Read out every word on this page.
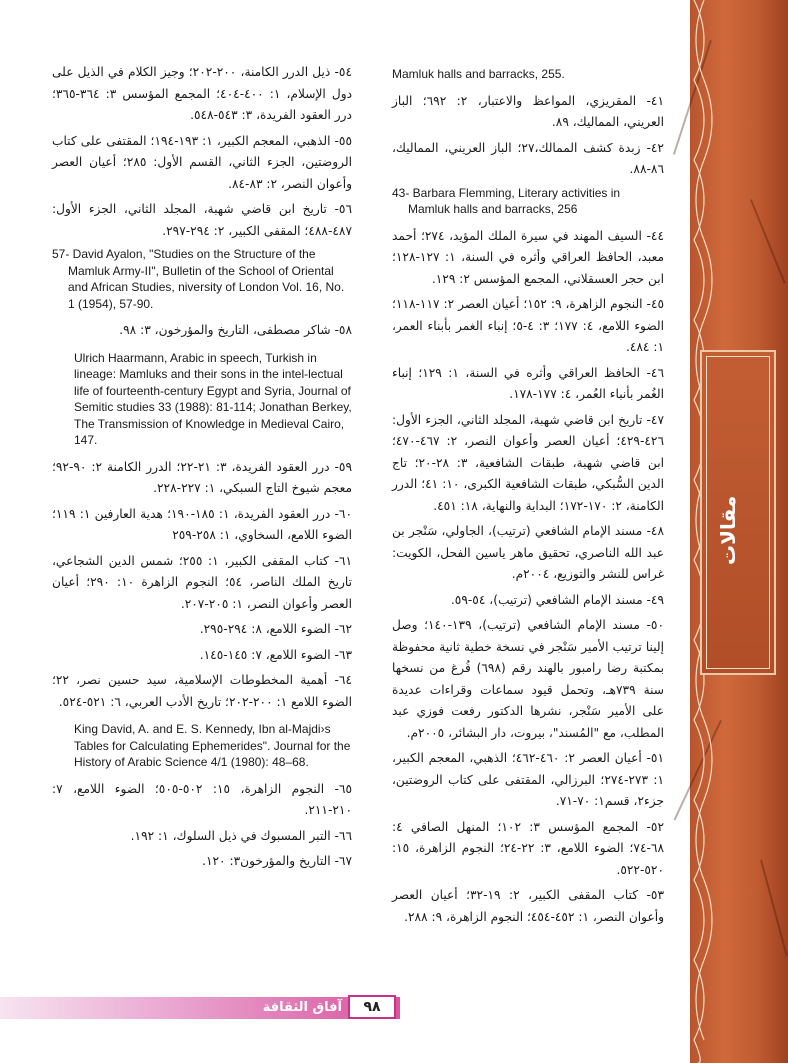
مقالات

Mamluk halls and barracks, 255.

٤١- المقريزي، المواعظ والاعتبار، ٢: ٦٩٢؛ الباز العريني، المماليك، ٨٩.

٤٢- زبدة كشف الممالك،٢٧؛ الباز العريني، المماليك، ٨٦-٨٨.

43- Barbara Flemming, Literary activities in Mamluk halls and barracks, 256

٤٤- السيف المهند في سيرة الملك المؤيد، ٢٧٤؛ أحمد معبد، الحافظ العراقي وأثره في السنة، ١: ١٢٧-١٢٨؛ ابن حجر العسقلاني، المجمع المؤسس ٢: ١٢٩.

٤٥- النجوم الزاهرة، ٩: ١٥٢؛ أعيان العصر ٢: ١١٧-١١٨؛ الضوء اللامع، ٤: ١٧٧؛ ٣: ٤-٥؛ إنباء الغمر بأبناء العمر، ١: ٤٨٤.

٤٦- الحافظ العراقي وأثره في السنة، ١: ١٢٩؛ إنباء الغُمر بأنباء العُمر، ٤: ١٧٧-١٧٨.

٤٧- تاريخ ابن قاضي شهبة، المجلد الثاني، الجزء الأول: ٤٢٦-٤٢٩؛ أعيان العصر وأعوان النصر، ٢: ٤٦٧-٤٧٠؛ ابن قاضي شهبة، طبقات الشافعية، ٣: ٢٨-٢٠؛ تاج الدين السُّبكي، طبقات الشافعية الكبرى، ١٠: ٤١؛ الدرر الكامنة، ٢: ١٧٠-١٧٢؛ البداية والنهاية، ١٨: ٤٥١.

٤٨- مسند الإمام الشافعي (ترتيب)، الجاولي، سَنْجر بن عبد الله الناصري، تحقيق ماهر ياسين الفحل، الكويت: غراس للنشر والتوزيع، ٢٠٠٤م.

٤٩- مسند الإمام الشافعي (ترتيب)، ٥٤-٥٩.

٥٠- مسند الإمام الشافعي (ترتيب)، ١٣٩-١٤٠؛ وصل إلينا ترتيب الأمير سَنْجر في نسخة خطية ثانية محفوظة بمكتبة رضا رامبور بالهند رقم (٦٩٨) فُرغ من نسخها سنة ٧٣٩هـ، وتحمل قيود سماعات وقراءات عديدة على الأمير سَنْجر، نشرها الدكتور رفعت فوزي عبد المطلب، مع "المُسند"، بيروت، دار البشائر، ٢٠٠٥م.

٥١- أعيان العصر ٢: ٤٦٠-٤٦٢؛ الذهبي، المعجم الكبير، ١: ٢٧٣-٢٧٤؛ البرزالي، المقتفى على كتاب الروضتين، جزء٢، قسم١: ٧٠-٧١.

٥٢- المجمع المؤسس ٣: ١٠٢؛ المنهل الصافي ٤: ٦٨-٧٤؛ الضوء اللامع، ٣: ٢٢-٢٤؛ النجوم الزاهرة، ١٥: ٥٢٠-٥٢٢.

٥٣- كتاب المقفى الكبير، ٢: ١٩-٣٢؛ أعيان العصر وأعوان النصر، ١: ٤٥٢-٤٥٤؛ النجوم الزاهرة، ٩: ٢٨٨.

٥٤- ذيل الدرر الكامنة، ٢٠٠-٢٠٢؛ وجيز الكلام في الذيل على دول الإسلام، ١: ٤٠٠-٤٠٤؛ المجمع المؤسس ٣: ٣٦٤-٣٦٥؛ درر العقود الفريدة، ٣: ٥٤٣-٥٤٨.

٥٥- الذهبي، المعجم الكبير، ١: ١٩٣-١٩٤؛ المقتفى على كتاب الروضتين، الجزء الثاني، القسم الأول: ٢٨٥؛ أعيان العصر وأعوان النصر، ٢: ٨٣-٨٤.

٥٦- تاريخ ابن قاضي شهبة، المجلد الثاني، الجزء الأول: ٤٨٧-٤٨٨؛ المقفى الكبير، ٢: ٢٩٤-٢٩٧.

57- David Ayalon, "Studies on the Structure of the Mamluk Army-II", Bulletin of the School of Oriental and African Studies, niversity of London Vol. 16, No. 1 (1954), 57-90.

٥٨- شاكر مصطفى، التاريخ والمؤرخون، ٣: ٩٨.

Ulrich Haarmann, Arabic in speech, Turkish in lineage: Mamluks and their sons in the intel-lectual life of fourteenth-century Egypt and Syria, Journal of Semitic studies 33 (1988): 81-114; Jonathan Berkey, The Transmission of Knowledge in Medieval Cairo, 147.

٥٩- درر العقود الفريدة، ٣: ٢١-٢٢؛ الدرر الكامنة ٢: ٩٠-٩٢؛ معجم شيوخ التاج السبكي، ١: ٢٢٧-٢٢٨.

٦٠- درر العقود الفريدة، ١: ١٨٥-١٩٠؛ هدية العارفين ١: ١١٩؛ الضوء اللامع، السخاوي، ١: ٢٥٨-٢٥٩

٦١- كتاب المقفى الكبير، ١: ٢٥٥؛ شمس الدين الشجاعي، تاريخ الملك الناصر، ٥٤؛ النجوم الزاهرة ١٠: ٢٩٠؛ أعيان العصر وأعوان النصر، ١: ٢٠٥-٢٠٧.

٦٢- الضوء اللامع، ٨: ٢٩٤-٢٩٥.

٦٣- الضوء اللامع، ٧: ١٤٥-١٤٥.

٦٤- أهمية المخطوطات الإسلامية، سيد حسين نصر، ٢٢؛ الضوء اللامع ١: ٢٠٠-٢٠٢؛ تاريخ الأدب العربي، ٦: ٥٢١-٥٢٤.

King David, A. and E. S. Kennedy, Ibn al-Majdi›s Tables for Calculating Ephemerides". Journal for the History of Arabic Science 4/1 (1980): 48–68.

٦٥- النجوم الزاهرة، ١٥: ٥٠٢-٥٠٥؛ الضوء اللامع، ٧: ٢١٠-٢١١.

٦٦- التبر المسبوك في ذيل السلوك، ١: ١٩٢.

٦٧- التاريخ والمؤرخون٣: ١٢٠.

آفاق الثقافة والتراث
٩٨
